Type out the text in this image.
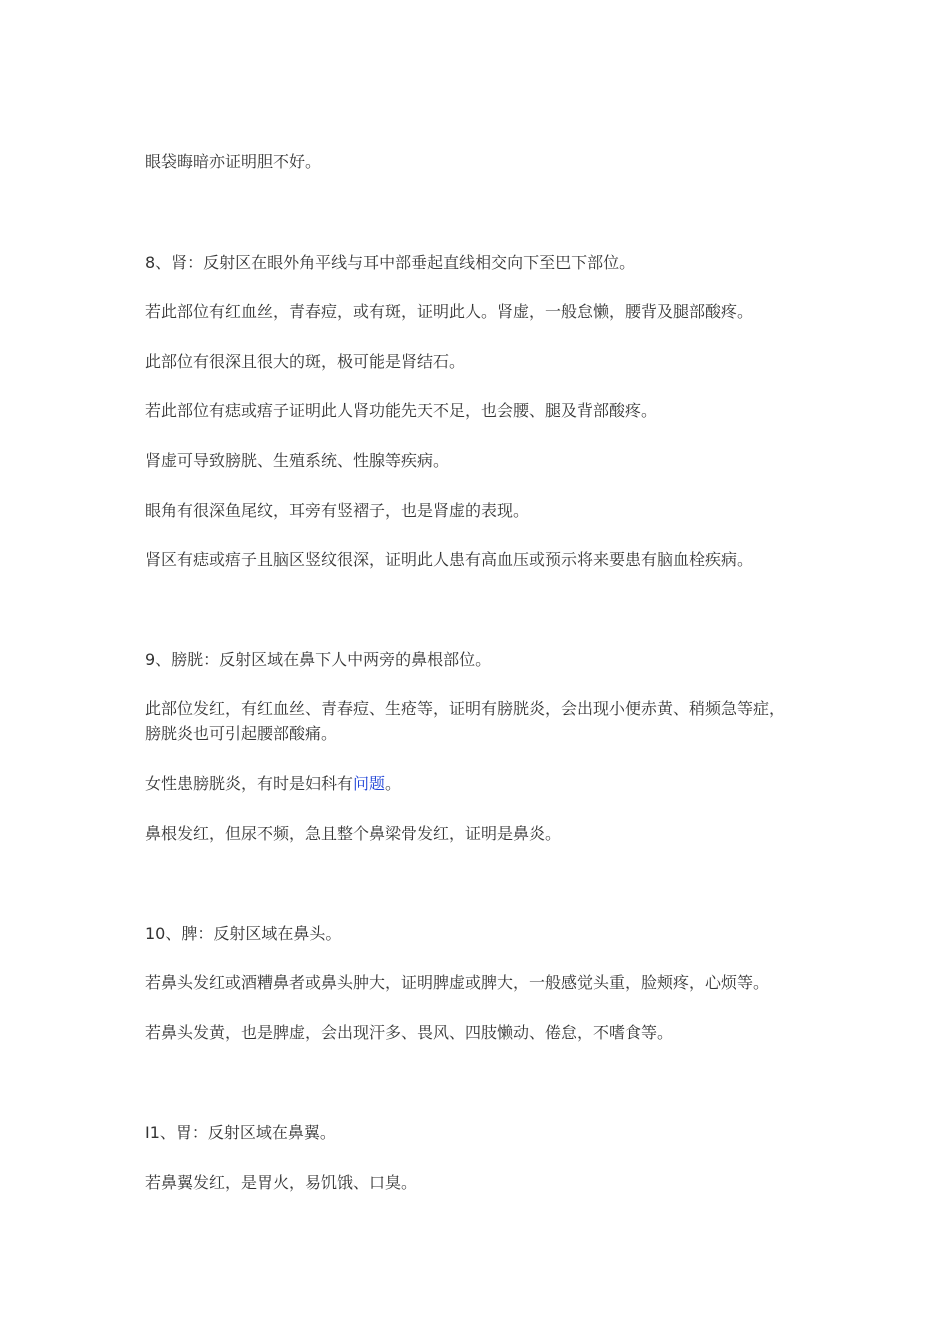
眼袋晦暗亦证明胆不好。
8、肾：反射区在眼外角平线与耳中部垂起直线相交向下至巴下部位。
若此部位有红血丝，青春痘，或有斑，证明此人。肾虚，一般怠懒，腰背及腿部酸疼。
此部位有很深且很大的斑，极可能是肾结石。
若此部位有痣或痦子证明此人肾功能先天不足，也会腰、腿及背部酸疼。
肾虚可导致膀胱、生殖系统、性腺等疾病。
眼角有很深鱼尾纹，耳旁有竖褶子，也是肾虚的表现。
肾区有痣或痦子且脑区竖纹很深，证明此人患有高血压或预示将来要患有脑血栓疾病。
9、膀胱：反射区域在鼻下人中两旁的鼻根部位。
此部位发红，有红血丝、青春痘、生疮等，证明有膀胱炎，会出现小便赤黄、稍频急等症，
膀胱炎也可引起腰部酸痛。
女性患膀胱炎，有时是妇科有问题。
鼻根发红，但尿不频，急且整个鼻梁骨发红，证明是鼻炎。
10、脾：反射区域在鼻头。
若鼻头发红或酒糟鼻者或鼻头肿大，证明脾虚或脾大，一般感觉头重，脸颊疼，心烦等。
若鼻头发黄，也是脾虚，会出现汗多、畏风、四肢懒动、倦怠，不嗜食等。
I1、胃：反射区域在鼻翼。
若鼻翼发红，是胃火，易饥饿、口臭。
